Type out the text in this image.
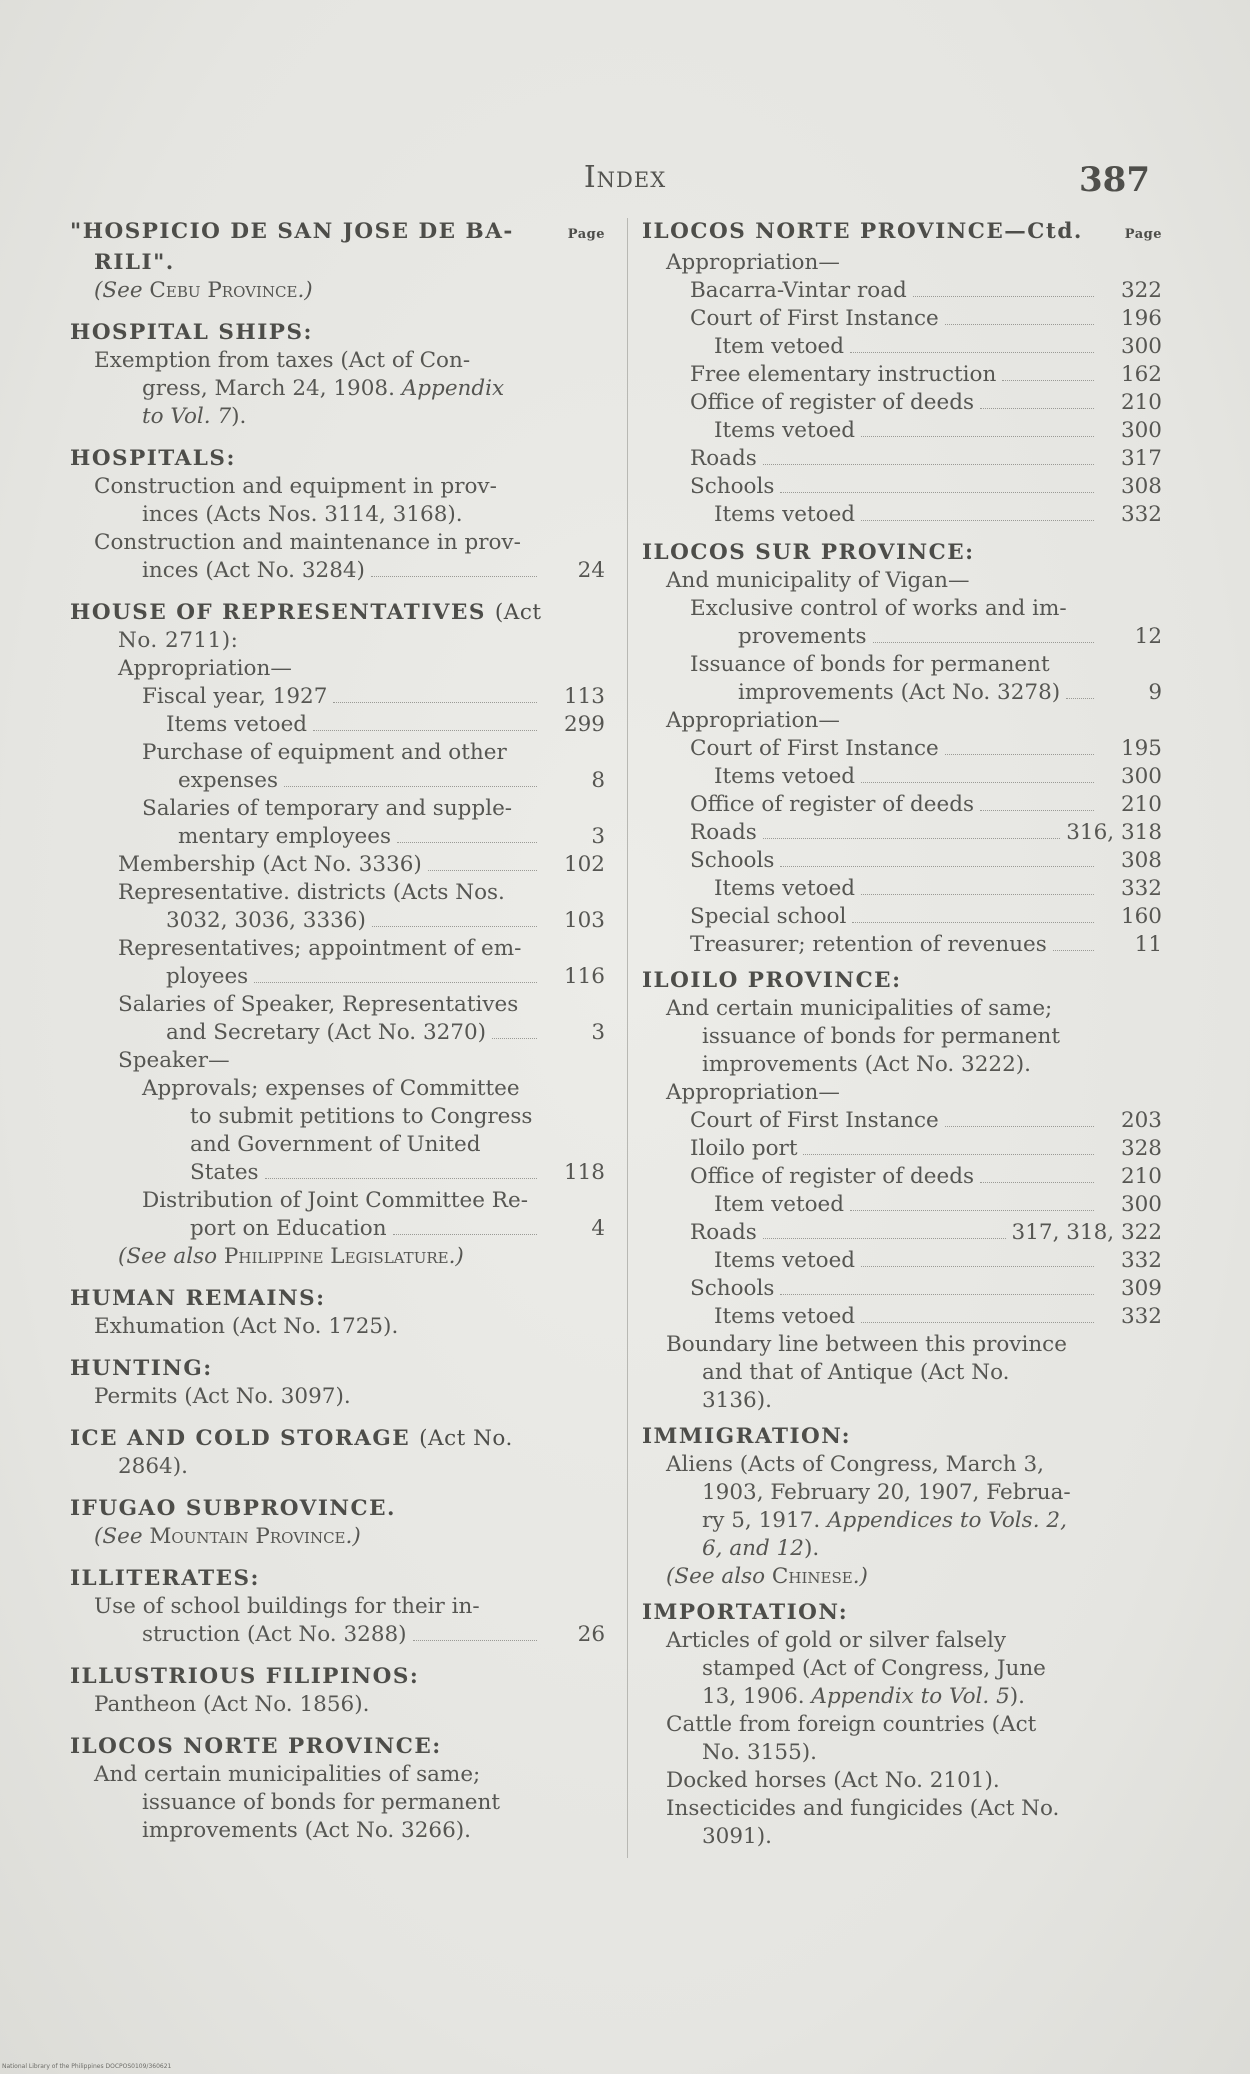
Index	387
"HOSPICIO DE SAN JOSE DE BA-	Page
RILI".
(See Cebu Province.)
HOSPITAL SHIPS:
Exemption from taxes (Act of Con-
gress, March 24, 1908. Appendix
to Vol. 7).
HOSPITALS:
Construction and equipment in prov-
inces (Acts Nos. 3114, 3168).
Construction and maintenance in prov-
inces (Act No. 3284)	24
HOUSE OF REPRESENTATIVES (Act
No. 2711):
Appropriation—
Fiscal year, 1927	113
Items vetoed	299
Purchase of equipment and other
expenses	8
Salaries of temporary and supple-
mentary employees	3
Membership (Act No. 3336)	102
Representative. districts (Acts Nos.
3032, 3036, 3336)	103
Representatives; appointment of em-
ployees	116
Salaries of Speaker, Representatives
and Secretary (Act No. 3270)	3
Speaker—
Approvals; expenses of Committee
to submit petitions to Congress
and Government of United
States	118
Distribution of Joint Committee Re-
port on Education	4
(See also Philippine Legislature.)
HUMAN REMAINS:
Exhumation (Act No. 1725).
HUNTING:
Permits (Act No. 3097).
ICE AND COLD STORAGE (Act No.
2864).
IFUGAO SUBPROVINCE.
(See Mountain Province.)
ILLITERATES:
Use of school buildings for their in-
struction (Act No. 3288)	26
ILLUSTRIOUS FILIPINOS:
Pantheon (Act No. 1856).
ILOCOS NORTE PROVINCE:
And certain municipalities of same;
issuance of bonds for permanent
improvements (Act No. 3266).
ILOCOS NORTE PROVINCE—Ctd.	Page
Appropriation—
Bacarra-Vintar road	322
Court of First Instance	196
Item vetoed	300
Free elementary instruction	162
Office of register of deeds	210
Items vetoed	300
Roads	317
Schools	308
Items vetoed	332
ILOCOS SUR PROVINCE:
And municipality of Vigan—
Exclusive control of works and im-
provements	12
Issuance of bonds for permanent
improvements (Act No. 3278)	9
Appropriation—
Court of First Instance	195
Items vetoed	300
Office of register of deeds	210
Roads	316, 318
Schools	308
Items vetoed	332
Special school	160
Treasurer; retention of revenues	11
ILOILO PROVINCE:
And certain municipalities of same;
issuance of bonds for permanent
improvements (Act No. 3222).
Appropriation—
Court of First Instance	203
Iloilo port	328
Office of register of deeds	210
Item vetoed	300
Roads	317, 318, 322
Items vetoed	332
Schools	309
Items vetoed	332
Boundary line between this province
and that of Antique (Act No.
3136).
IMMIGRATION:
Aliens (Acts of Congress, March 3,
1903, February 20, 1907, Februa-
ry 5, 1917. Appendices to Vols. 2,
6, and 12).
(See also Chinese.)
IMPORTATION:
Articles of gold or silver falsely
stamped (Act of Congress, June
13, 1906. Appendix to Vol. 5).
Cattle from foreign countries (Act
No. 3155).
Docked horses (Act No. 2101).
Insecticides and fungicides (Act No.
3091).
National Library of the Philippines DOCPOS0109/360621
